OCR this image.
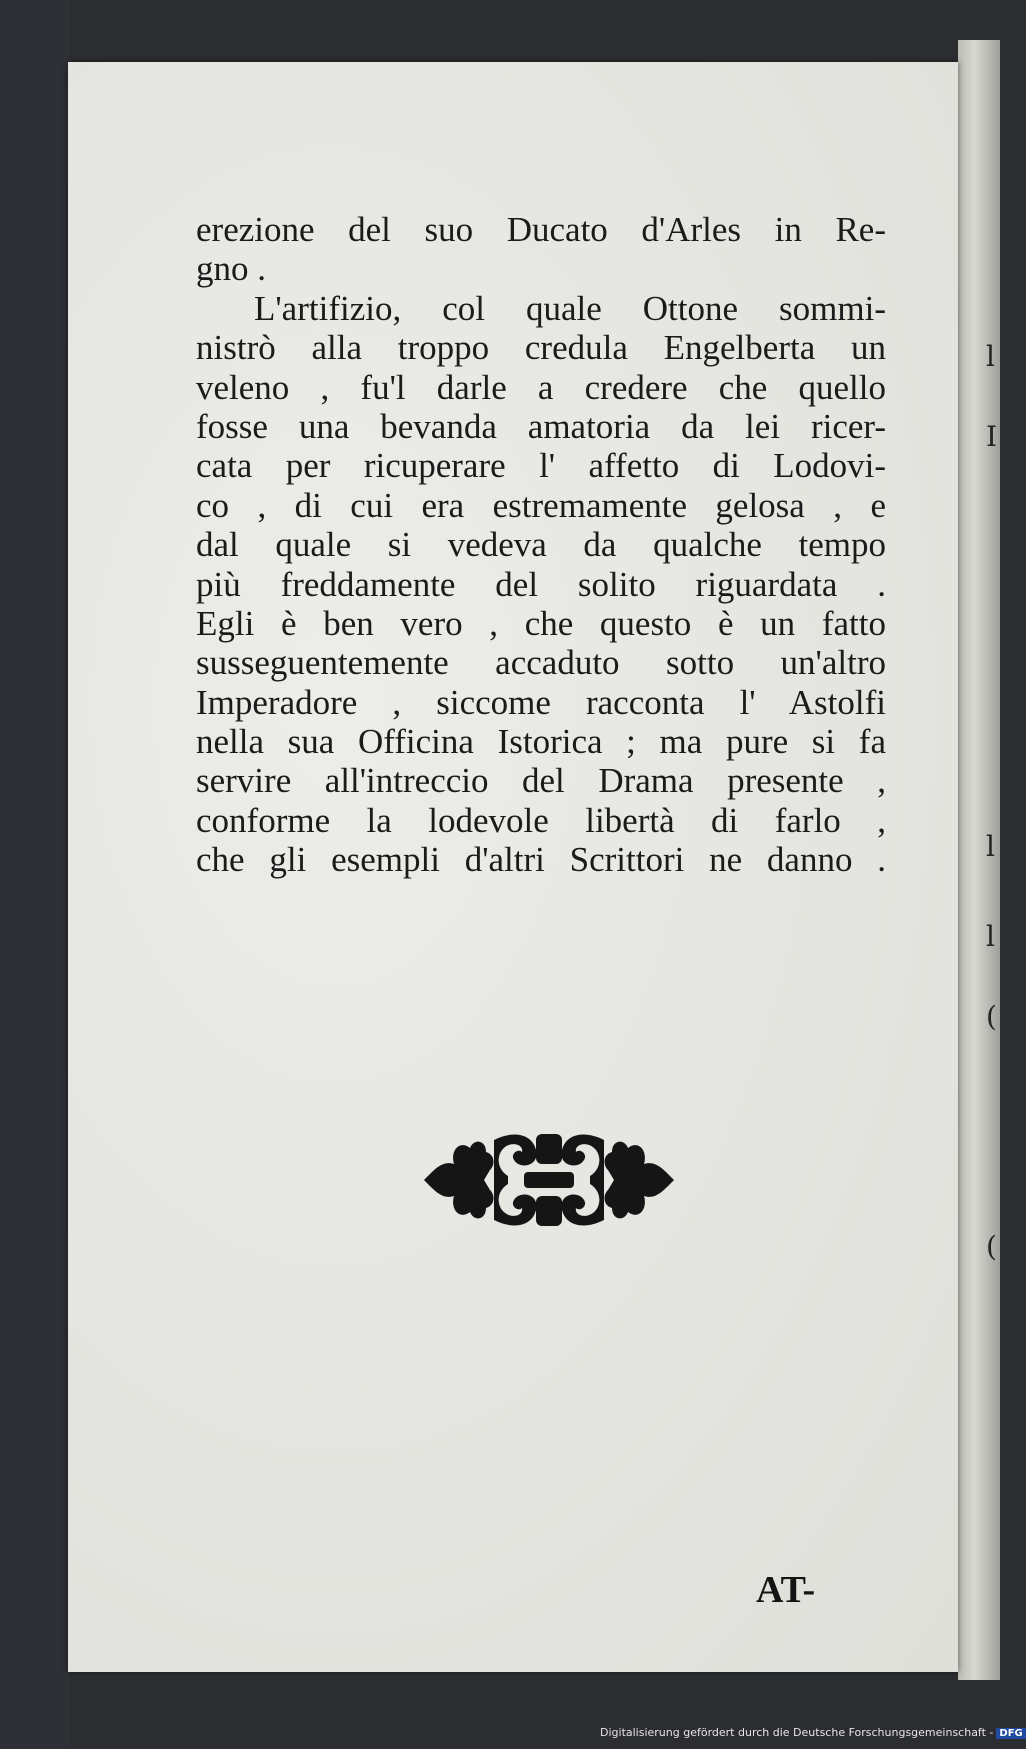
l
I
l
l
(
(

erezione del suo Ducato d'Arles in Re-
gno .
L'artifizio, col quale Ottone sommi-
nistrò alla troppo credula Engelberta un
veleno , fu'l darle a credere che quello
fosse una bevanda amatoria da lei ricer-
cata per ricuperare l' affetto di Lodovi-
co , di cui era estremamente gelosa , e
dal quale si vedeva da qualche tempo
più freddamente del solito riguardata .
Egli è ben vero , che questo è un fatto
susseguentemente accaduto sotto un'altro
Imperadore , siccome racconta l' Astolfi
nella sua Officina Istorica ; ma pure si fa
servire all'intreccio del Drama presente ,
conforme la lodevole libertà di farlo ,
che gli esempli d'altri Scrittori ne danno .
AT-
Digitalisierung gefördert durch die Deutsche Forschungsgemeinschaft - DFG
